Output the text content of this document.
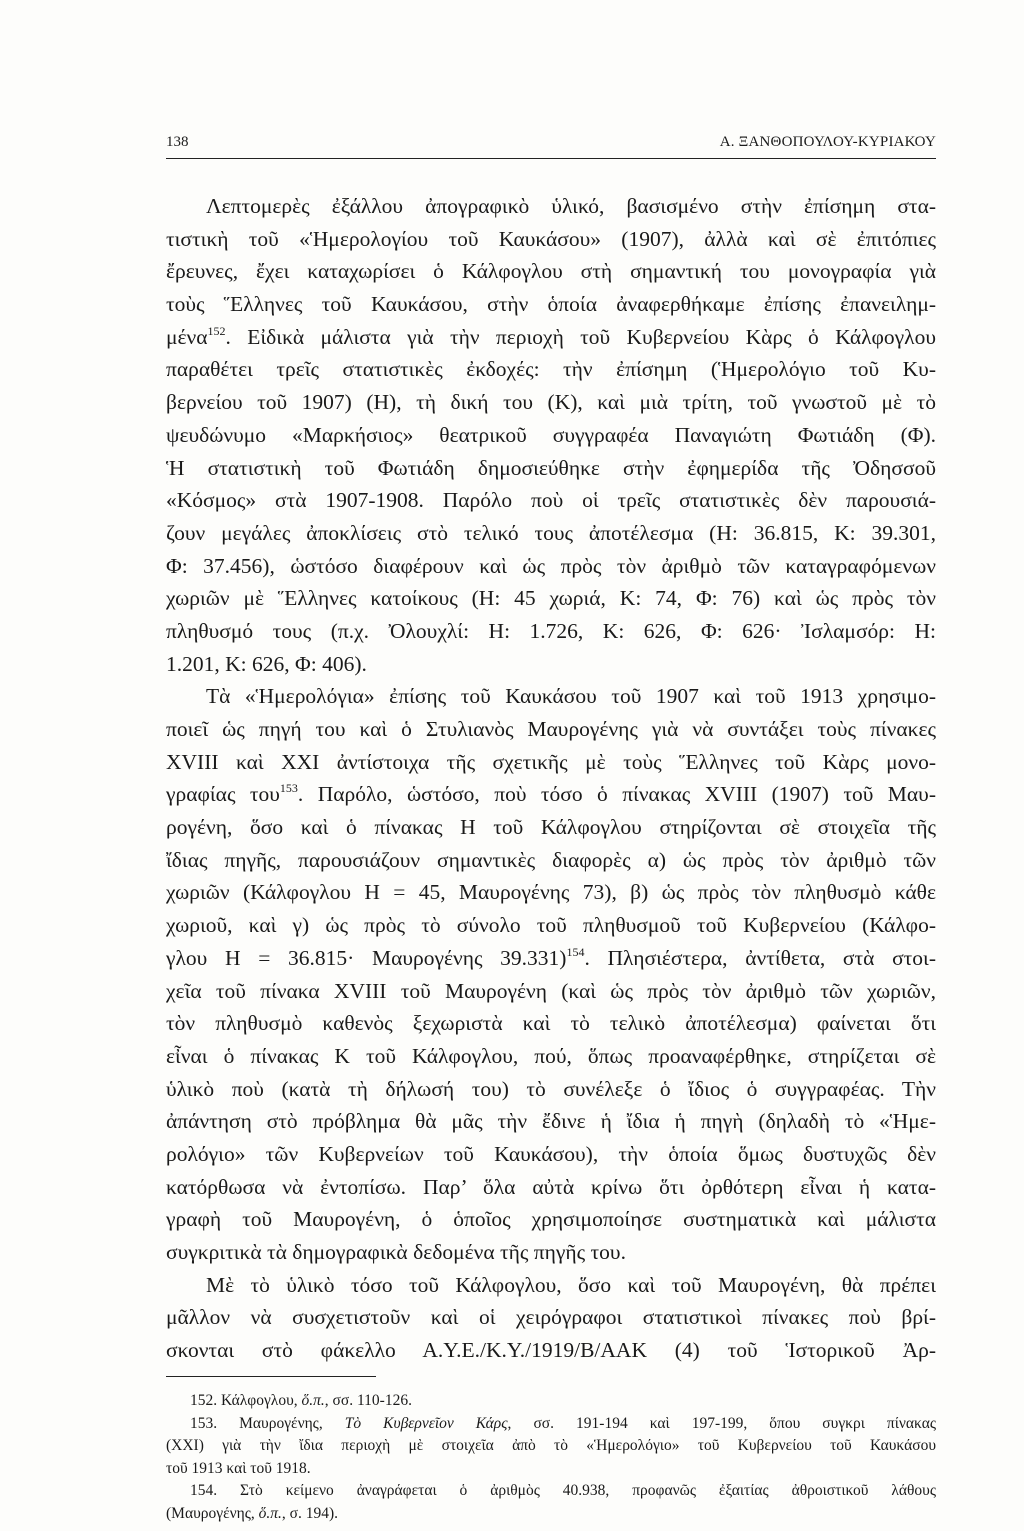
138	Α. ΞΑΝΘΟΠΟΥΛΟΥ-ΚΥΡΙΑΚΟΥ
Λεπτομερὲς ἐξάλλου ἀπογραφικὸ ὑλικό, βασισμένο στὴν ἐπίσημη στα-
τιστικὴ τοῦ «Ἡμερολογίου τοῦ Καυκάσου» (1907), ἀλλὰ καὶ σὲ ἐπιτόπιες
ἔρευνες, ἔχει καταχωρίσει ὁ Κάλφογλου στὴ σημαντική του μονογραφία γιὰ
τοὺς Ἕλληνες τοῦ Καυκάσου, στὴν ὁποία ἀναφερθήκαμε ἐπίσης ἐπανειλημ-
μένα$^{152}$. Εἰδικὰ μάλιστα γιὰ τὴν περιοχὴ τοῦ Κυβερνείου Κὰρς ὁ Κάλφογλου
παραθέτει τρεῖς στατιστικὲς ἐκδοχές: τὴν ἐπίσημη (Ἡμερολόγιο τοῦ Κυ-
βερνείου τοῦ 1907) (Η), τὴ δική του (Κ), καὶ μιὰ τρίτη, τοῦ γνωστοῦ μὲ τὸ
ψευδώνυμο «Μαρκήσιος» θεατρικοῦ συγγραφέα Παναγιώτη Φωτιάδη (Φ).
Ἡ στατιστικὴ τοῦ Φωτιάδη δημοσιεύθηκε στὴν ἐφημερίδα τῆς Ὀδησσοῦ
«Κόσμος» στὰ 1907-1908. Παρόλο ποὺ οἱ τρεῖς στατιστικὲς δὲν παρουσιά-
ζουν μεγάλες ἀποκλίσεις στὸ τελικό τους ἀποτέλεσμα (Η: 36.815, Κ: 39.301,
Φ: 37.456), ὡστόσο διαφέρουν καὶ ὡς πρὸς τὸν ἀριθμὸ τῶν καταγραφόμενων
χωριῶν μὲ Ἕλληνες κατοίκους (Η: 45 χωριά, Κ: 74, Φ: 76) καὶ ὡς πρὸς τὸν
πληθυσμό τους (π.χ. Ὀλουχλί: Η: 1.726, Κ: 626, Φ: 626· Ἰσλαμσόρ: Η:
1.201, Κ: 626, Φ: 406).
Τὰ «Ἡμερολόγια» ἐπίσης τοῦ Καυκάσου τοῦ 1907 καὶ τοῦ 1913 χρησιμο-
ποιεῖ ὡς πηγή του καὶ ὁ Στυλιανὸς Μαυρογένης γιὰ νὰ συντάξει τοὺς πίνακες
XVIII καὶ XXI ἀντίστοιχα τῆς σχετικῆς μὲ τοὺς Ἕλληνες τοῦ Κὰρς μονο-
γραφίας του$^{153}$. Παρόλο, ὡστόσο, ποὺ τόσο ὁ πίνακας XVIII (1907) τοῦ Μαυ-
ρογένη, ὅσο καὶ ὁ πίνακας Η τοῦ Κάλφογλου στηρίζονται σὲ στοιχεῖα τῆς
ἴδιας πηγῆς, παρουσιάζουν σημαντικὲς διαφορὲς α) ὡς πρὸς τὸν ἀριθμὸ τῶν
χωριῶν (Κάλφογλου Η = 45, Μαυρογένης 73), β) ὡς πρὸς τὸν πληθυσμὸ κάθε
χωριοῦ, καὶ γ) ὡς πρὸς τὸ σύνολο τοῦ πληθυσμοῦ τοῦ Κυβερνείου (Κάλφο-
γλου Η = 36.815· Μαυρογένης 39.331)$^{154}$. Πλησιέστερα, ἀντίθετα, στὰ στοι-
χεῖα τοῦ πίνακα XVIII τοῦ Μαυρογένη (καὶ ὡς πρὸς τὸν ἀριθμὸ τῶν χωριῶν,
τὸν πληθυσμὸ καθενὸς ξεχωριστὰ καὶ τὸ τελικὸ ἀποτέλεσμα) φαίνεται ὅτι
εἶναι ὁ πίνακας Κ τοῦ Κάλφογλου, πού, ὅπως προαναφέρθηκε, στηρίζεται σὲ
ὑλικὸ ποὺ (κατὰ τὴ δήλωσή του) τὸ συνέλεξε ὁ ἴδιος ὁ συγγραφέας. Τὴν
ἀπάντηση στὸ πρόβλημα θὰ μᾶς τὴν ἔδινε ἡ ἴδια ἡ πηγὴ (δηλαδὴ τὸ «Ἡμε-
ρολόγιο» τῶν Κυβερνείων τοῦ Καυκάσου), τὴν ὁποία ὅμως δυστυχῶς δὲν
κατόρθωσα νὰ ἐντοπίσω. Παρ’ ὅλα αὐτὰ κρίνω ὅτι ὀρθότερη εἶναι ἡ κατα-
γραφὴ τοῦ Μαυρογένη, ὁ ὁποῖος χρησιμοποίησε συστηματικὰ καὶ μάλιστα
συγκριτικὰ τὰ δημογραφικὰ δεδομένα τῆς πηγῆς του.
Μὲ τὸ ὑλικὸ τόσο τοῦ Κάλφογλου, ὅσο καὶ τοῦ Μαυρογένη, θὰ πρέπει
μᾶλλον νὰ συσχετιστοῦν καὶ οἱ χειρόγραφοι στατιστικοὶ πίνακες ποὺ βρί-
σκονται στὸ φάκελλο Α.Υ.Ε./Κ.Υ./1919/Β/ΑΑΚ (4) τοῦ Ἱστορικοῦ Ἀρ-
152. Κάλφογλου, ὅ.π., σσ. 110-126.
153. Μαυρογένης, Τὸ Κυβερνεῖον Κάρς, σσ. 191-194 καὶ 197-199, ὅπου συγκρι πίνακας
(XXI) γιὰ τὴν ἴδια περιοχὴ μὲ στοιχεῖα ἀπὸ τὸ «Ἡμερολόγιο» τοῦ Κυβερνείου τοῦ Καυκάσου
τοῦ 1913 καὶ τοῦ 1918.
154. Στὸ κείμενο ἀναγράφεται ὁ ἀριθμὸς 40.938, προφανῶς ἐξαιτίας ἀθροιστικοῦ λάθους
(Μαυρογένης, ὅ.π., σ. 194).
